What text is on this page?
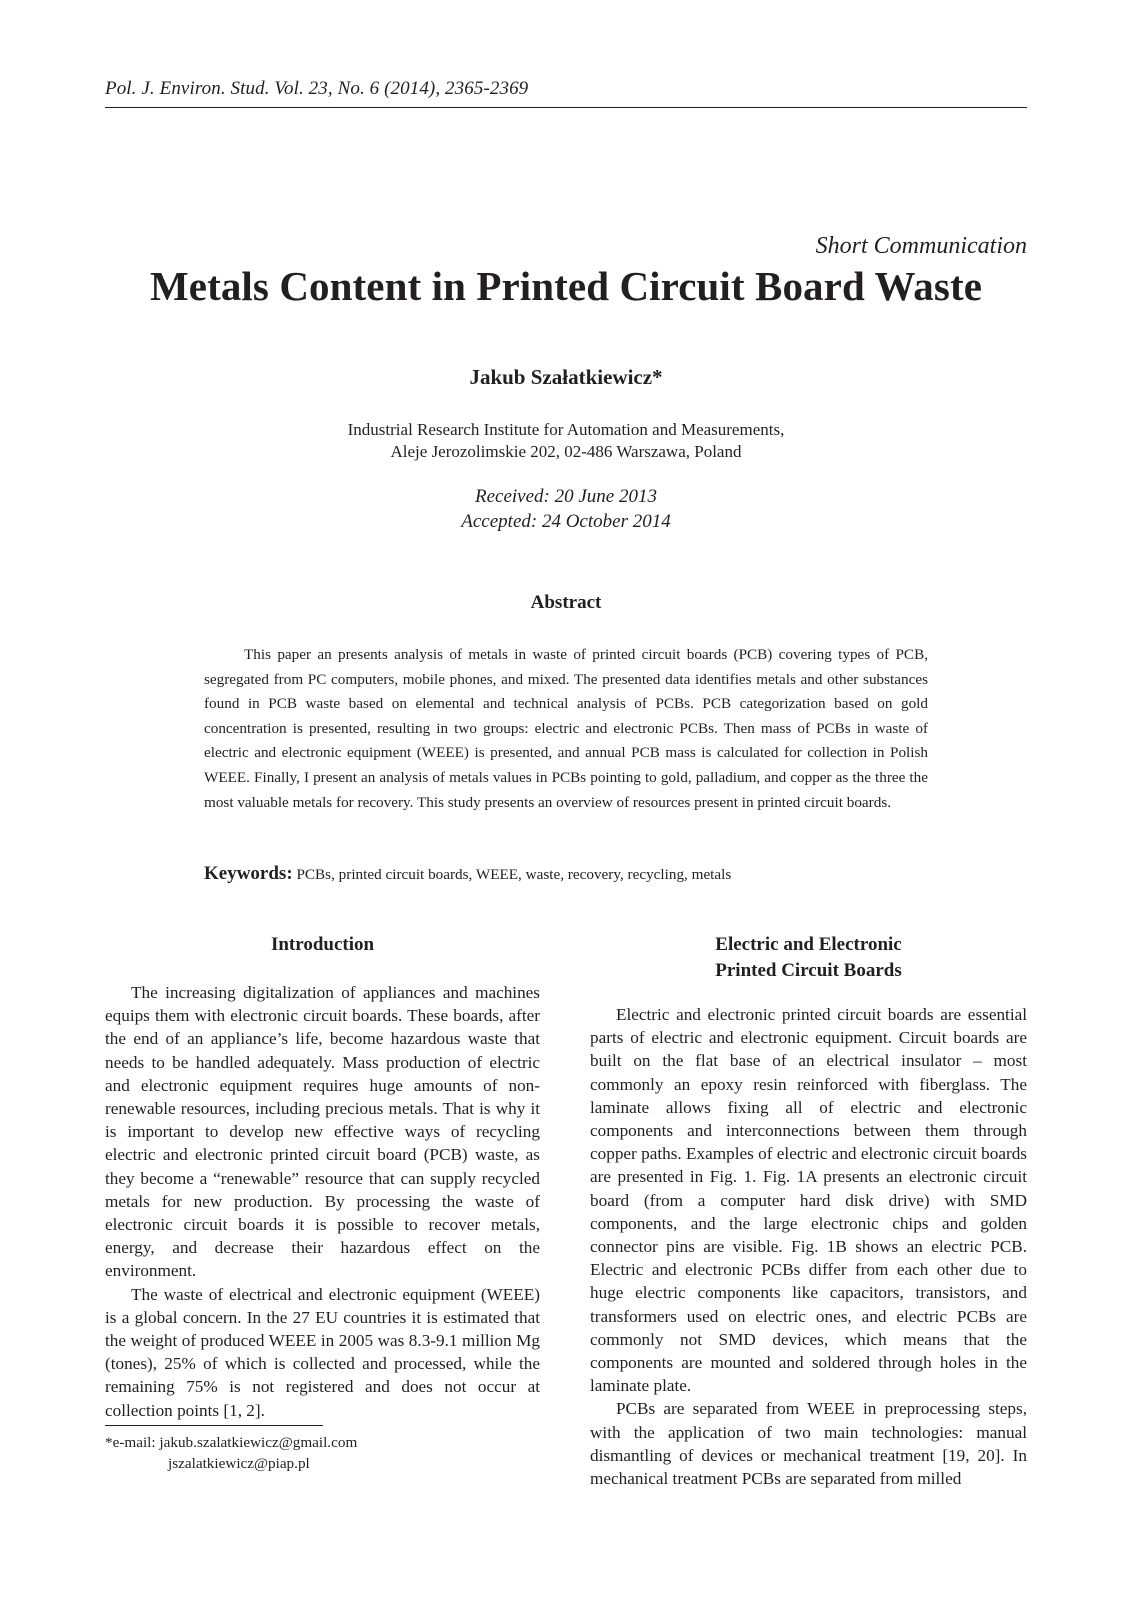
Pol. J. Environ. Stud. Vol. 23, No. 6 (2014), 2365-2369
Short Communication
Metals Content in Printed Circuit Board Waste
Jakub Szałatkiewicz*
Industrial Research Institute for Automation and Measurements,
Aleje Jerozolimskie 202, 02-486 Warszawa, Poland
Received: 20 June 2013
Accepted: 24 October 2014
Abstract
This paper an presents analysis of metals in waste of printed circuit boards (PCB) covering types of PCB, segregated from PC computers, mobile phones, and mixed. The presented data identifies metals and other substances found in PCB waste based on elemental and technical analysis of PCBs. PCB categorization based on gold concentration is presented, resulting in two groups: electric and electronic PCBs. Then mass of PCBs in waste of electric and electronic equipment (WEEE) is presented, and annual PCB mass is calculated for collection in Polish WEEE. Finally, I present an analysis of metals values in PCBs pointing to gold, palladium, and copper as the three the most valuable metals for recovery. This study presents an overview of resources present in printed circuit boards.
Keywords: PCBs, printed circuit boards, WEEE, waste, recovery, recycling, metals
Introduction	Electric and Electronic
Printed Circuit Boards

The increasing digitalization of appliances and machines equips them with electronic circuit boards. These boards, after the end of an appliance’s life, become hazardous waste that needs to be handled adequately. Mass production of electric and electronic equipment requires huge amounts of non-renewable resources, including precious metals. That is why it is important to develop new effective ways of recycling electric and electronic printed circuit board (PCB) waste, as they become a “renewable” resource that can supply recycled metals for new production. By processing the waste of electronic circuit boards it is possible to recover metals, energy, and decrease their hazardous effect on the environment.

The waste of electrical and electronic equipment (WEEE) is a global concern. In the 27 EU countries it is estimated that the weight of produced WEEE in 2005 was 8.3-9.1 million Mg (tones), 25% of which is collected and processed, while the remaining 75% is not registered and does not occur at collection points [1, 2].

Electric and electronic printed circuit boards are essential parts of electric and electronic equipment. Circuit boards are built on the flat base of an electrical insulator – most commonly an epoxy resin reinforced with fiberglass. The laminate allows fixing all of electric and electronic components and interconnections between them through copper paths. Examples of electric and electronic circuit boards are presented in Fig. 1. Fig. 1A presents an electronic circuit board (from a computer hard disk drive) with SMD components, and the large electronic chips and golden connector pins are visible. Fig. 1B shows an electric PCB. Electric and electronic PCBs differ from each other due to huge electric components like capacitors, transistors, and transformers used on electric ones, and electric PCBs are commonly not SMD devices, which means that the components are mounted and soldered through holes in the laminate plate.

PCBs are separated from WEEE in preprocessing steps, with the application of two main technologies: manual dismantling of devices or mechanical treatment [19, 20]. In mechanical treatment PCBs are separated from milled

*e-mail: jakub.szalatkiewicz@gmail.com
jszalatkiewicz@piap.pl
